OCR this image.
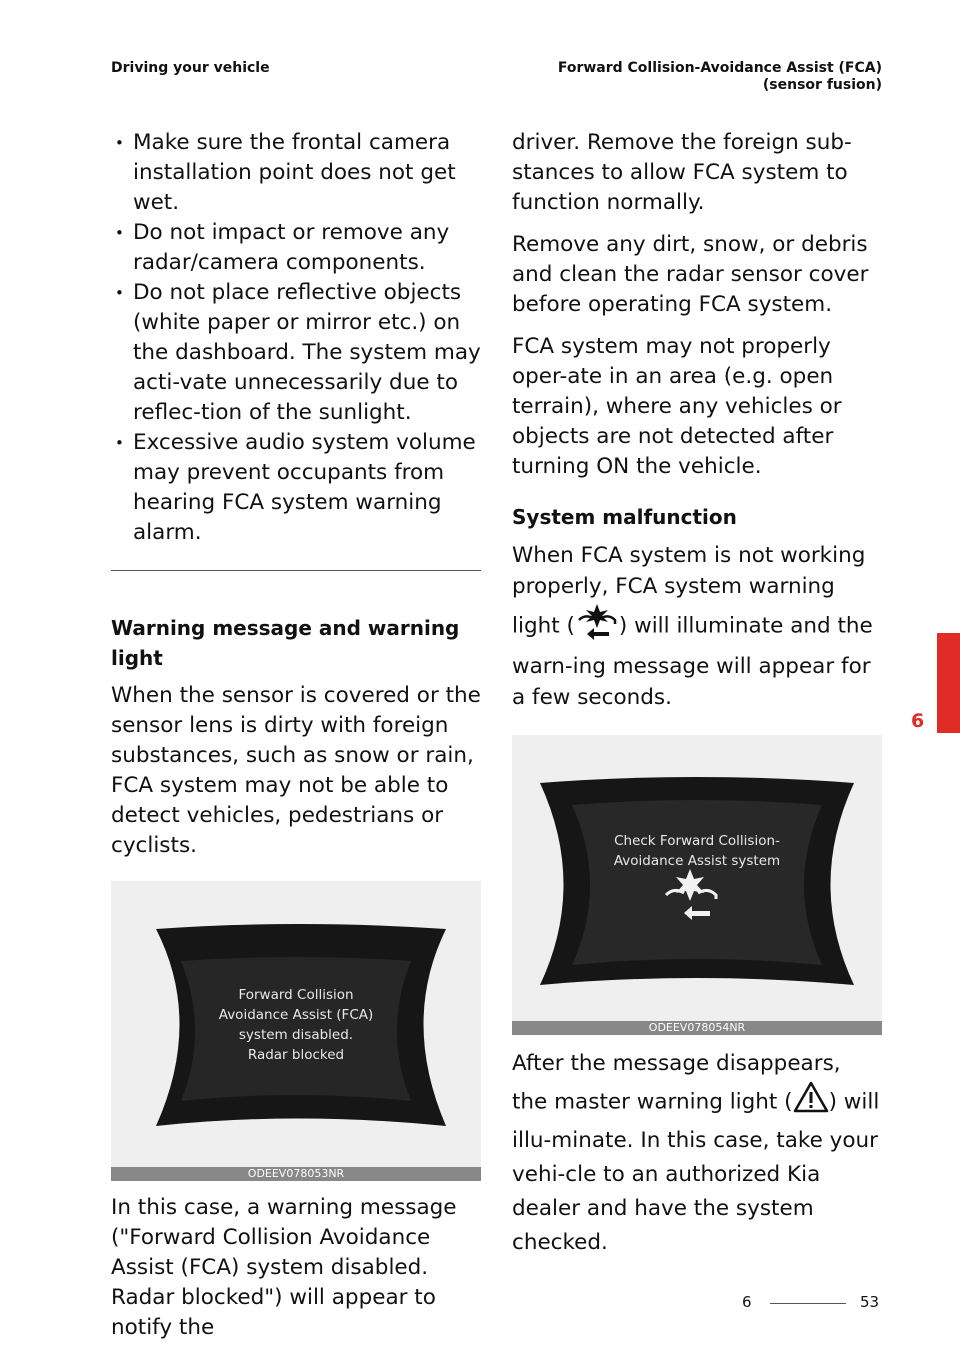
Driving your vehicle	Forward Collision-Avoidance Assist (FCA) (sensor fusion)
• Make sure the frontal camera installation point does not get wet.
• Do not impact or remove any radar/camera components.
• Do not place reflective objects (white paper or mirror etc.) on the dashboard. The system may acti-vate unnecessarily due to reflec-tion of the sunlight.
• Excessive audio system volume may prevent occupants from hearing FCA system warning alarm.
Warning message and warning light

When the sensor is covered or the sensor lens is dirty with foreign substances, such as snow or rain, FCA system may not be able to detect vehicles, pedestrians or cyclists.

Forward Collision
Avoidance Assist (FCA)
system disabled.
Radar blocked
ODEEV078053NR

In this case, a warning message ("Forward Collision Avoidance Assist (FCA) system disabled. Radar blocked") will appear to notify the

driver. Remove the foreign sub-stances to allow FCA system to function normally.

Remove any dirt, snow, or debris and clean the radar sensor cover before operating FCA system.

FCA system may not properly oper-ate in an area (e.g. open terrain), where any vehicles or objects are not detected after turning ON the vehicle.

System malfunction

When FCA system is not working properly, FCA system warning light ( ) will illuminate and the warn-ing message will appear for a few seconds.

Check Forward Collision-
Avoidance Assist system
ODEEV078054NR

After the message disappears, the master warning light ( ) will illu-minate. In this case, take your vehi-cle to an authorized Kia dealer and have the system checked.

6
6	53
